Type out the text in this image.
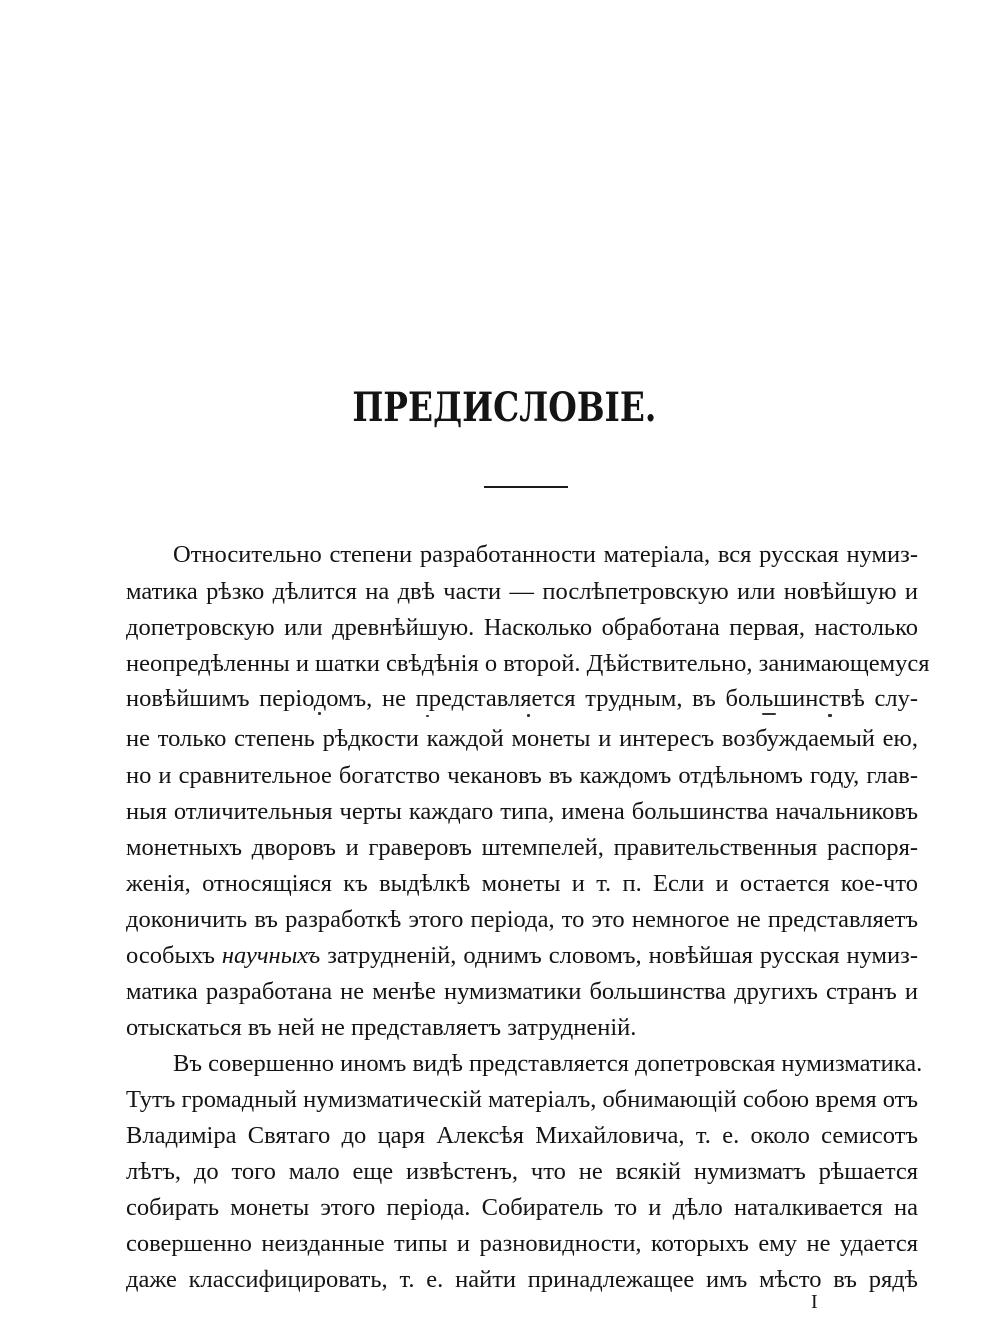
ПРЕДИСЛОВІЕ.
Относительно степени разработанности матеріала, вся русская нумиз-
матика рѣзко дѣлится на двѣ части — послѣпетровскую или новѣйшую и
допетровскую или древнѣйшую. Насколько обработана первая, настолько
неопредѣленны и шатки свѣдѣнія о второй. Дѣйствительно, занимающемуся
новѣйшимъ періодомъ, не представляется трудным, въ большинствѣ слу-
не только степень рѣдкости каждой монеты и интересъ возбуждаемый ею,
но и сравнительное богатство чекановъ въ каждомъ отдѣльномъ году, глав-
ныя отличительныя черты каждаго типа, имена большинства начальниковъ
монетныхъ дворовъ и граверовъ штемпелей, правительственныя распоря-
женія, относящіяся къ выдѣлкѣ монеты и т. п. Если и остается кое-что
доконичить въ разработкѣ этого періода, то это немногое не представляетъ
особыхъ научныхъ затрудненій, однимъ словомъ, новѣйшая русская нумиз-
матика разработана не менѣе нумизматики большинства другихъ странъ и
отыскаться въ ней не представляетъ затрудненій.
Въ совершенно иномъ видѣ представляется допетровская нумизматика.
Тутъ громадный нумизматическій матеріалъ, обнимающій собою время отъ
Владиміра Святаго до царя Алексѣя Михайловича, т. е. около семисотъ
лѣтъ, до того мало еще извѣстенъ, что не всякій нумизматъ рѣшается
собирать монеты этого періода. Собиратель то и дѣло наталкивается на
совершенно неизданные типы и разновидности, которыхъ ему не удается
даже классифицировать, т. е. найти принадлежащее имъ мѣсто въ рядѣ
I
